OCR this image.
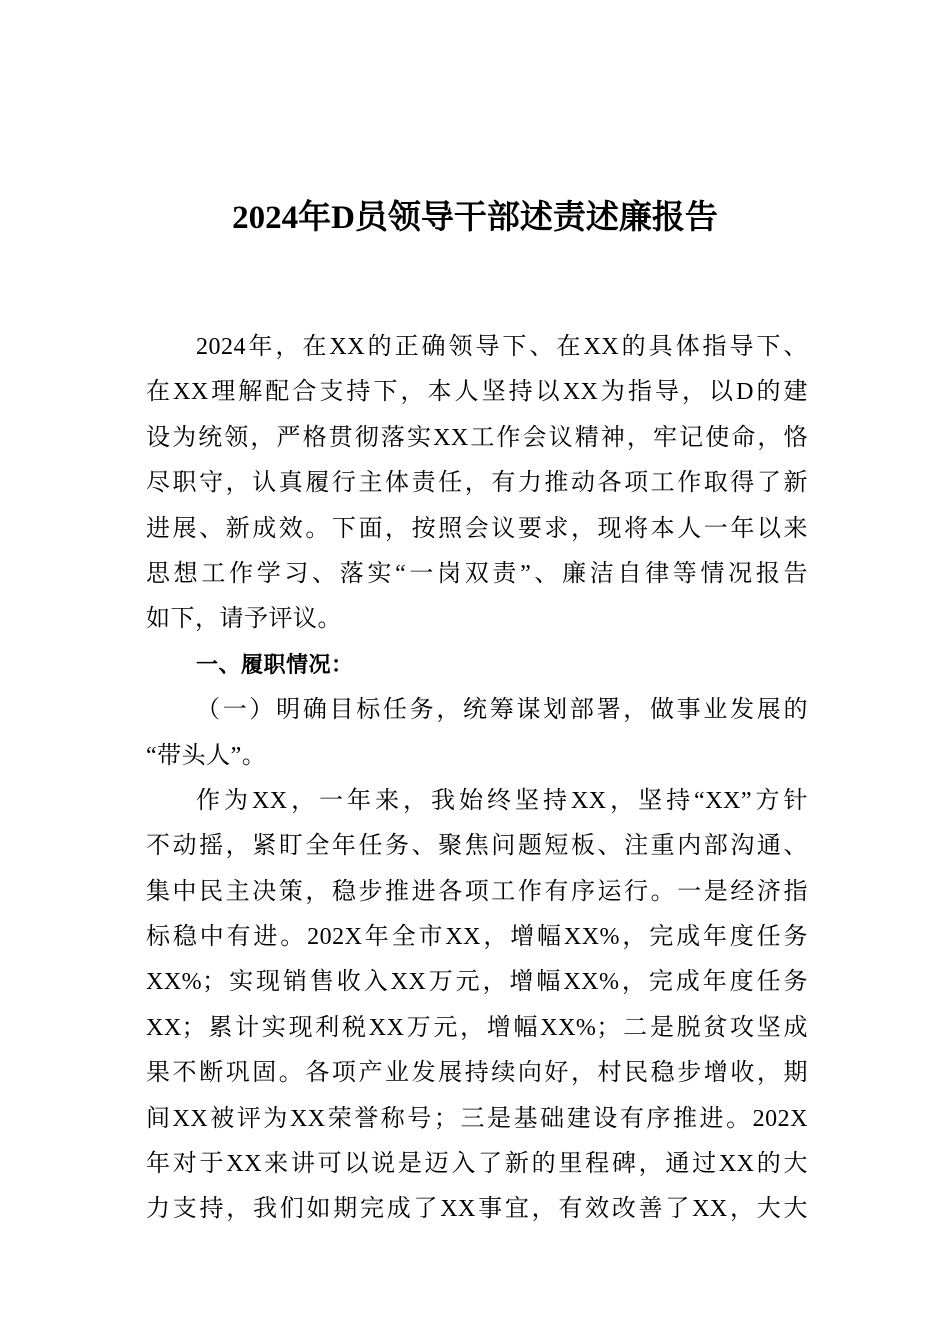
2024年D员领导干部述责述廉报告
2024年，在XX的正确领导下、在XX的具体指导下、
在XX理解配合支持下，本人坚持以XX为指导，以D的建
设为统领，严格贯彻落实XX工作会议精神，牢记使命，恪
尽职守，认真履行主体责任，有力推动各项工作取得了新
进展、新成效。下面，按照会议要求，现将本人一年以来
思想工作学习、落实“一岗双责”、廉洁自律等情况报告
如下，请予评议。
一、履职情况：
（一）明确目标任务，统筹谋划部署，做事业发展的
“带头人”。
作为XX，一年来，我始终坚持XX，坚持“XX”方针
不动摇，紧盯全年任务、聚焦问题短板、注重内部沟通、
集中民主决策，稳步推进各项工作有序运行。一是经济指
标稳中有进。202X年全市XX，增幅XX%，完成年度任务
XX%；实现销售收入XX万元，增幅XX%，完成年度任务
XX；累计实现利税XX万元，增幅XX%；二是脱贫攻坚成
果不断巩固。各项产业发展持续向好，村民稳步增收，期
间XX被评为XX荣誉称号；三是基础建设有序推进。202X
年对于XX来讲可以说是迈入了新的里程碑，通过XX的大
力支持，我们如期完成了XX事宜，有效改善了XX，大大
